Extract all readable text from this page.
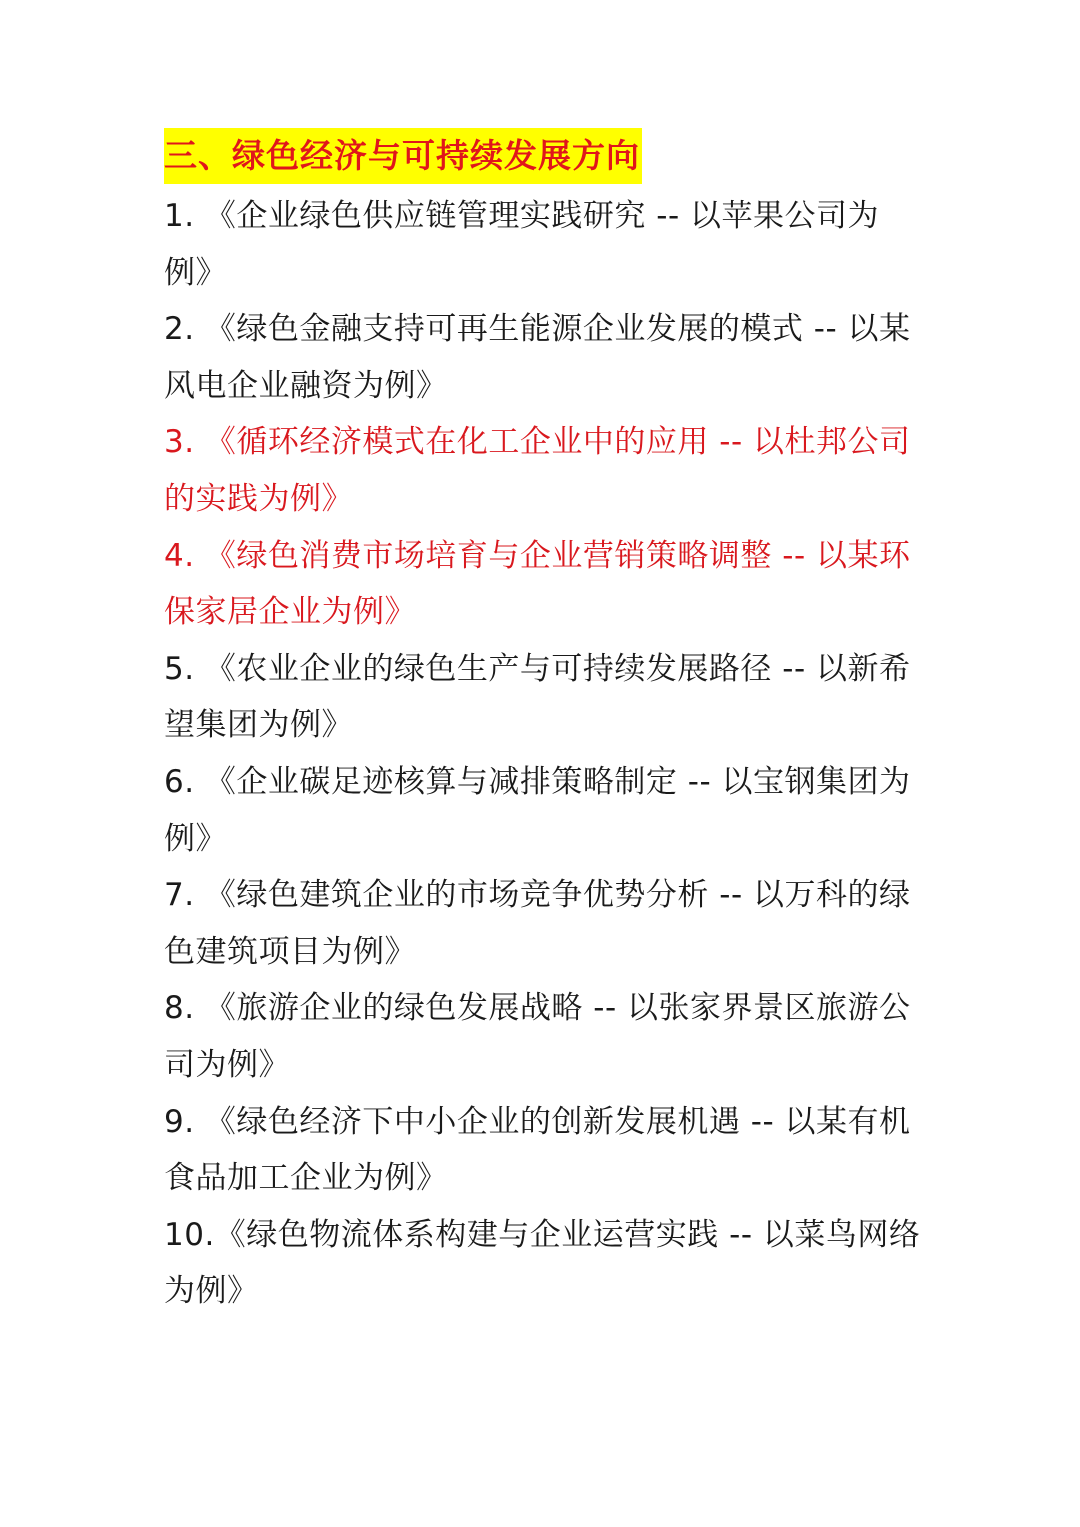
三、绿色经济与可持续发展方向
1. 《企业绿色供应链管理实践研究 -- 以苹果公司为例》
2. 《绿色金融支持可再生能源企业发展的模式 -- 以某风电企业融资为例》
3. 《循环经济模式在化工企业中的应用 -- 以杜邦公司的实践为例》
4. 《绿色消费市场培育与企业营销策略调整 -- 以某环保家居企业为例》
5. 《农业企业的绿色生产与可持续发展路径 -- 以新希望集团为例》
6. 《企业碳足迹核算与减排策略制定 -- 以宝钢集团为例》
7. 《绿色建筑企业的市场竞争优势分析 -- 以万科的绿色建筑项目为例》
8. 《旅游企业的绿色发展战略 -- 以张家界景区旅游公司为例》
9. 《绿色经济下中小企业的创新发展机遇 -- 以某有机食品加工企业为例》
10.《绿色物流体系构建与企业运营实践 -- 以菜鸟网络为例》
